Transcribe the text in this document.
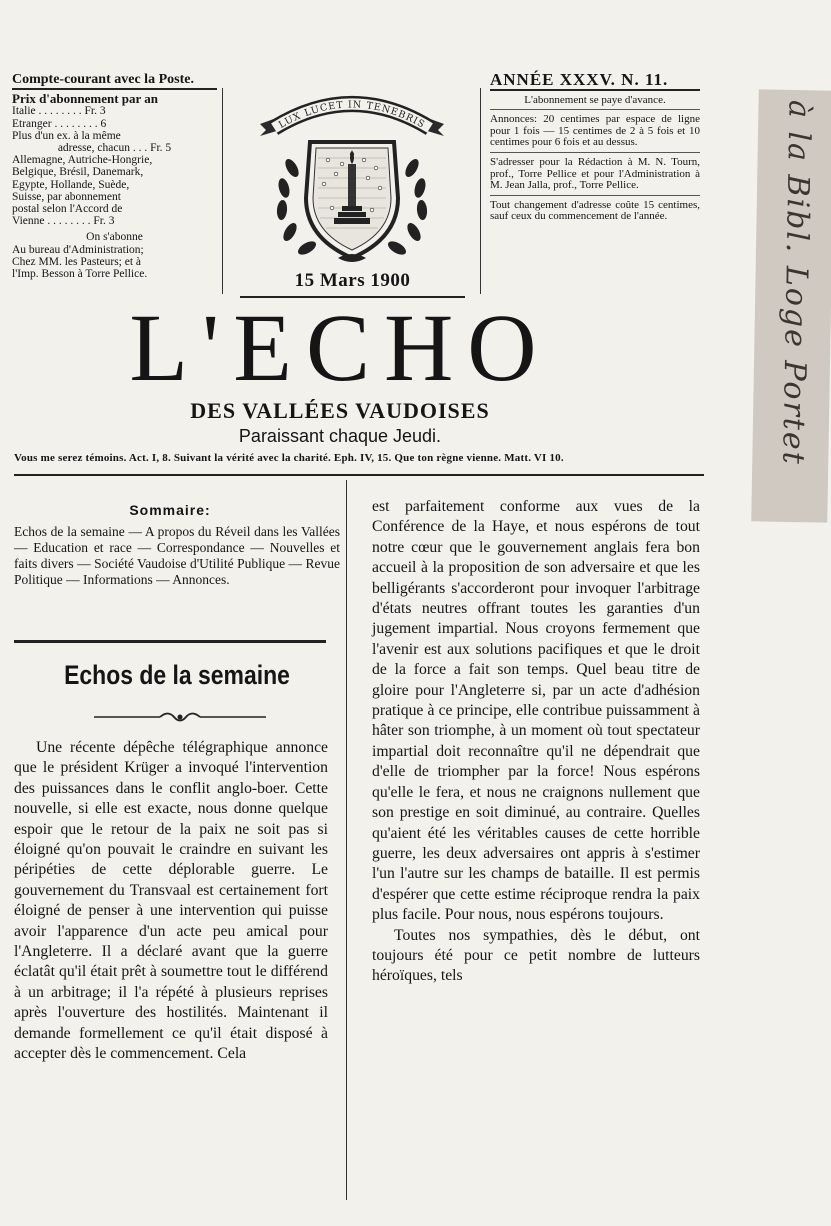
à la Bibl. Loge Portet
Compte-courant avec la Poste.
Prix d'abonnement par an
Italie . . . . . . . . Fr. 3
Etranger . . . . . . . . 6
Plus d'un ex. à la même
adresse, chacun . . . Fr. 5
Allemagne, Autriche-Hongrie,
Belgique, Brésil, Danemark,
Egypte, Hollande, Suède,
Suisse, par abonnement
postal selon l'Accord de
Vienne . . . . . . . . Fr. 3
On s'abonne
Au bureau d'Administration;
Chez MM. les Pasteurs; et à
l'Imp. Besson à Torre Pellice.
LUX LUCET IN TENEBRIS
15 Mars 1900
ANNÉE XXXV. N. 11.

L'abonnement se paye d'avance.

Annonces: 20 centimes par espace de ligne pour 1 fois — 15 centimes de 2 à 5 fois et 10 centimes pour 6 fois et au dessus.

S'adresser pour la Rédaction à M. N. Tourn, prof., Torre Pellice et pour l'Administration à M. Jean Jalla, prof., Torre Pellice.

Tout changement d'adresse coûte 15 centimes, sauf ceux du commencement de l'année.

L'ECHO
DES VALLÉES VAUDOISES
Paraissant chaque Jeudi.
Vous me serez témoins. Act. I, 8. Suivant la vérité avec la charité. Eph. IV, 15. Que ton règne vienne. Matt. VI 10.
Sommaire:
Echos de la semaine — A propos du Réveil dans les Vallées — Education et race — Correspondance — Nouvelles et faits divers — Société Vaudoise d'Utilité Publique — Revue Politique — Informations — Annonces.
Echos de la semaine

Une récente dépêche télégraphique annonce que le président Krüger a invoqué l'intervention des puissances dans le conflit anglo-boer. Cette nouvelle, si elle est exacte, nous donne quelque espoir que le retour de la paix ne soit pas si éloigné qu'on pouvait le craindre en suivant les péripéties de cette déplorable guerre. Le gouvernement du Transvaal est certainement fort éloigné de penser à une intervention qui puisse avoir l'apparence d'un acte peu amical pour l'Angleterre. Il a déclaré avant que la guerre éclatât qu'il était prêt à soumettre tout le différend à un arbitrage; il l'a répété à plusieurs reprises après l'ouverture des hostilités. Maintenant il demande formellement ce qu'il était disposé à accepter dès le commencement. Cela

est parfaitement conforme aux vues de la Conférence de la Haye, et nous espérons de tout notre cœur que le gouvernement anglais fera bon accueil à la proposition de son adversaire et que les belligérants s'accorderont pour invoquer l'arbitrage d'états neutres offrant toutes les garanties d'un jugement impartial. Nous croyons fermement que l'avenir est aux solutions pacifiques et que le droit de la force a fait son temps. Quel beau titre de gloire pour l'Angleterre si, par un acte d'adhésion pratique à ce principe, elle contribue puissamment à hâter son triomphe, à un moment où tout spectateur impartial doit reconnaître qu'il ne dépendrait que d'elle de triompher par la force! Nous espérons qu'elle le fera, et nous ne craignons nullement que son prestige en soit diminué, au contraire. Quelles qu'aient été les véritables causes de cette horrible guerre, les deux adversaires ont appris à s'estimer l'un l'autre sur les champs de bataille. Il est permis d'espérer que cette estime réciproque rendra la paix plus facile. Pour nous, nous espérons toujours.

Toutes nos sympathies, dès le début, ont toujours été pour ce petit nombre de lutteurs héroïques, tels
